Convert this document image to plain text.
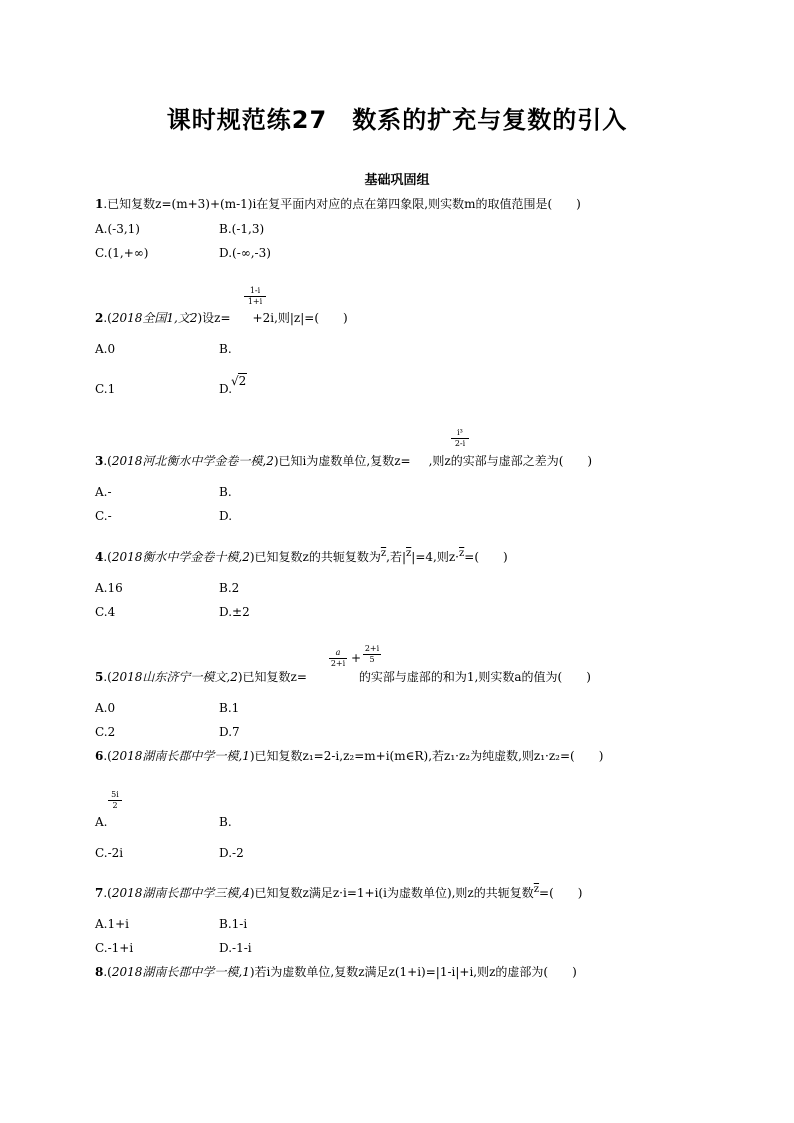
课时规范练27　数系的扩充与复数的引入
基础巩固组
1.已知复数z=(m+3)+(m-1)i在复平面内对应的点在第四象限,则实数m的取值范围是(　　)
A.(-3,1)	B.(-1,3)
C.(1,+∞)	D.(-∞,-3)
1-i
1+i
2.(2018全国1,文2)设z= +2i,则|z|=(　　)
A.0	B.
C.1	D.
√2
i³
2-i
3.(2018河北衡水中学金卷一模,2)已知i为虚数单位,复数z= ,则z的实部与虚部之差为(　　)
A.-	B.
C.-	D.
4.(2018衡水中学金卷十模,2)已知复数z的共轭复数为$\overline{z}$,若$|\overline{z}|=4$,则$z\cdot\overline{z}=$(　　)
A.16	B.2
C.4	D.±2
a
2+i +
2+i
5
5.(2018山东济宁一模文,2)已知复数z=	的实部与虚部的和为1,则实数a的值为(　　)
A.0	B.1
C.2	D.7
6.(2018湖南长郡中学一模,1)已知复数z₁=2-i,z₂=m+i(m∈R),若z₁·z₂为纯虚数,则z₁·z₂=(　　)
5i
2
A.	B.
C.-2i	D.-2
7.(2018湖南长郡中学三模,4)已知复数z满足z·i=1+i(i为虚数单位),则z的共轭复数$\overline{z}=$(　　)
A.1+i	B.1-i
C.-1+i	D.-1-i
8.(2018湖南长郡中学一模,1)若i为虚数单位,复数z满足z(1+i)=|1-i|+i,则z的虚部为(　　)
